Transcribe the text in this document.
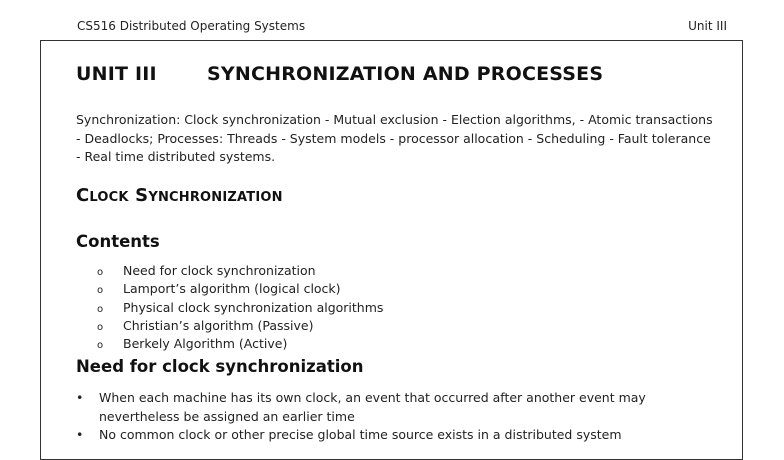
CS516 Distributed Operating Systems	Unit III
UNIT III	SYNCHRONIZATION AND PROCESSES
Synchronization: Clock synchronization - Mutual exclusion - Election algorithms, - Atomic transactions - Deadlocks; Processes: Threads - System models - processor allocation - Scheduling - Fault tolerance - Real time distributed systems.
Clock Synchronization
Contents
o Need for clock synchronization
o Lamport’s algorithm (logical clock)
o Physical clock synchronization algorithms
o Christian’s algorithm (Passive)
o Berkely Algorithm (Active)
Need for clock synchronization
• When each machine has its own clock, an event that occurred after another event may nevertheless be assigned an earlier time
• No common clock or other precise global time source exists in a distributed system
